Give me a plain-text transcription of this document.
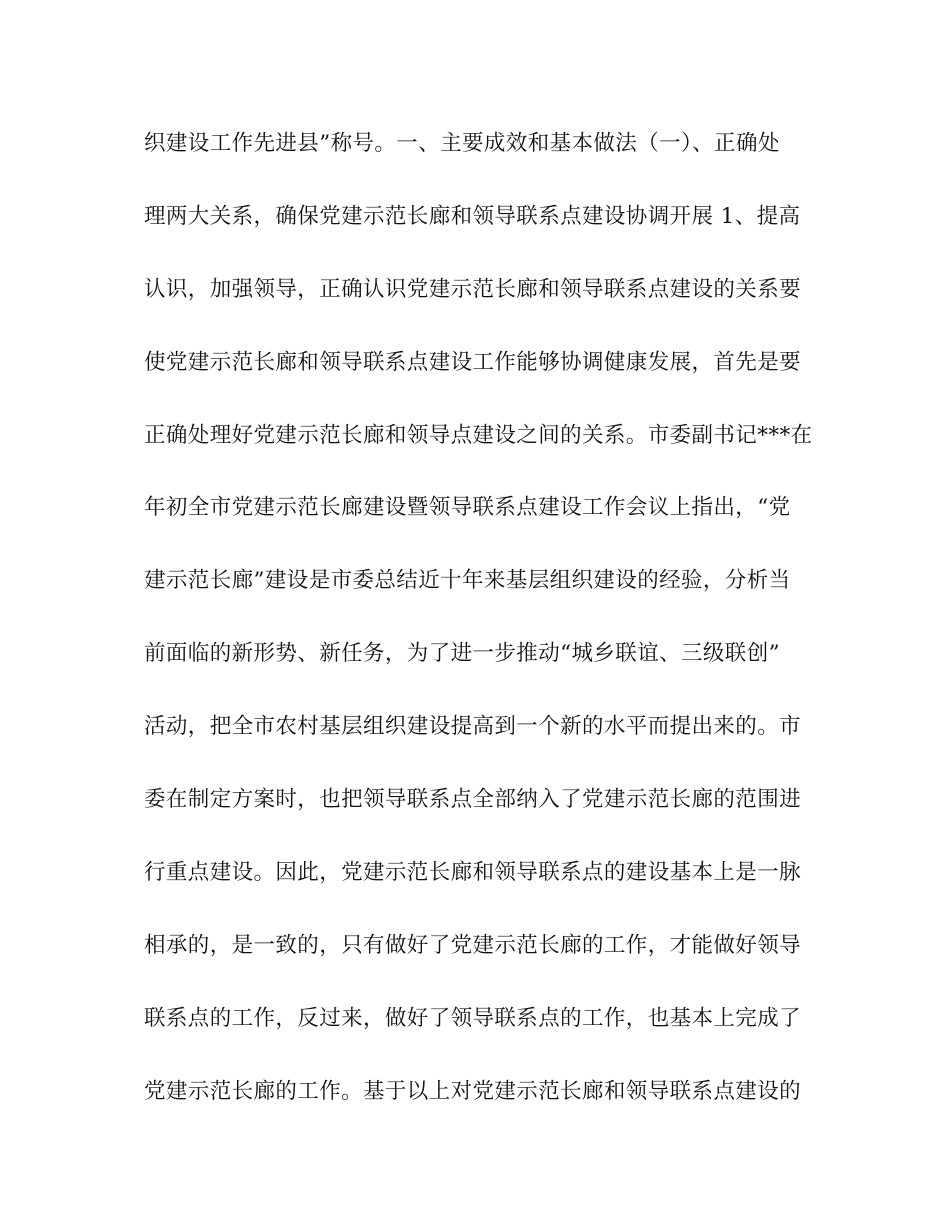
织建设工作先进县”称号。一、主要成效和基本做法（一）、正确处
理两大关系，确保党建示范长廊和领导联系点建设协调开展 1、提高
认识，加强领导，正确认识党建示范长廊和领导联系点建设的关系要
使党建示范长廊和领导联系点建设工作能够协调健康发展，首先是要
正确处理好党建示范长廊和领导点建设之间的关系。市委副书记***在
年初全市党建示范长廊建设暨领导联系点建设工作会议上指出，“党
建示范长廊”建设是市委总结近十年来基层组织建设的经验，分析当
前面临的新形势、新任务，为了进一步推动“城乡联谊、三级联创”
活动，把全市农村基层组织建设提高到一个新的水平而提出来的。市
委在制定方案时，也把领导联系点全部纳入了党建示范长廊的范围进
行重点建设。因此，党建示范长廊和领导联系点的建设基本上是一脉
相承的，是一致的，只有做好了党建示范长廊的工作，才能做好领导
联系点的工作，反过来，做好了领导联系点的工作，也基本上完成了
党建示范长廊的工作。基于以上对党建示范长廊和领导联系点建设的
